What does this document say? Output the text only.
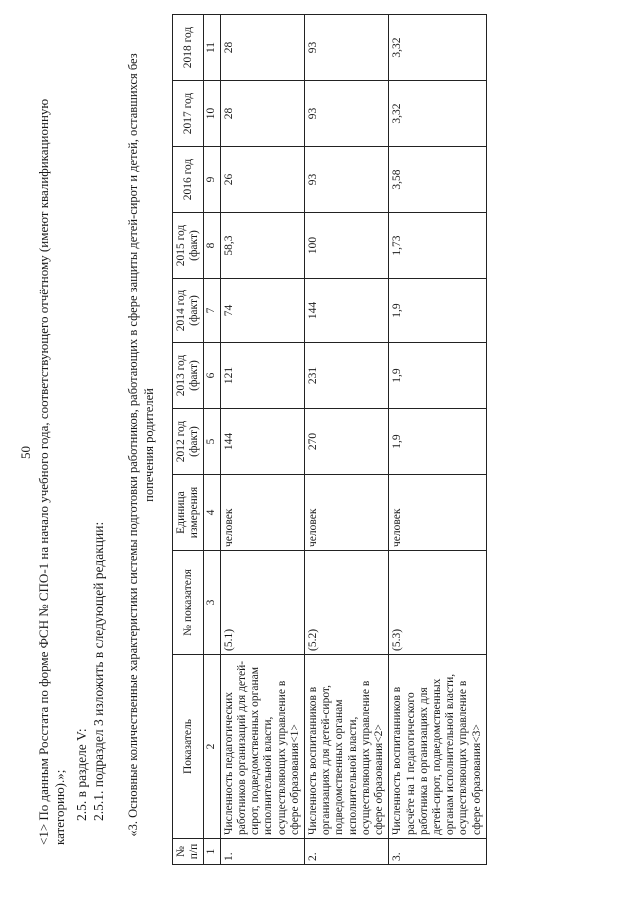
50 <1> По данным Росстата по форме ФСН № СПО-1 на начало учебного года, соответствующего отчётному (имеют квалификационную категорию).»; 2.5. в разделе V: 2.5.1. подраздел 3 изложить в следующей редакции: «3. Основные количественные характеристики системы подготовки работников, работающих в сфере защиты детей-сирот и детей, оставшихся без попечения родителей
№ п/п	Показатель	№ показателя	Единица измерения	2012 год (факт)	2013 год (факт)	2014 год (факт)	2015 год (факт)	2016 год	2017 год	2018 год
1	2	3	4	5	6	7	8	9	10	11
1.	Численность педагогических работников организаций для детей-сирот, подведомственных органам исполнительной власти, осуществляющих управление в сфере образования<1>	(5.1)	человек	144	121	74	58,3	26	28	28
2.	Численность воспитанников в организациях для детей-сирот, подведомственных органам исполнительной власти, осуществляющих управление в сфере образования<2>	(5.2)	человек	270	231	144	100	93	93	93
3.	Численность воспитанников в расчёте на 1 педагогического работника в организациях для детей-сирот, подведомственных органам исполнительной власти, осуществляющих управление в сфере образования<3>	(5.3)	человек	1,9	1,9	1,9	1,73	3,58	3,32	3,32
